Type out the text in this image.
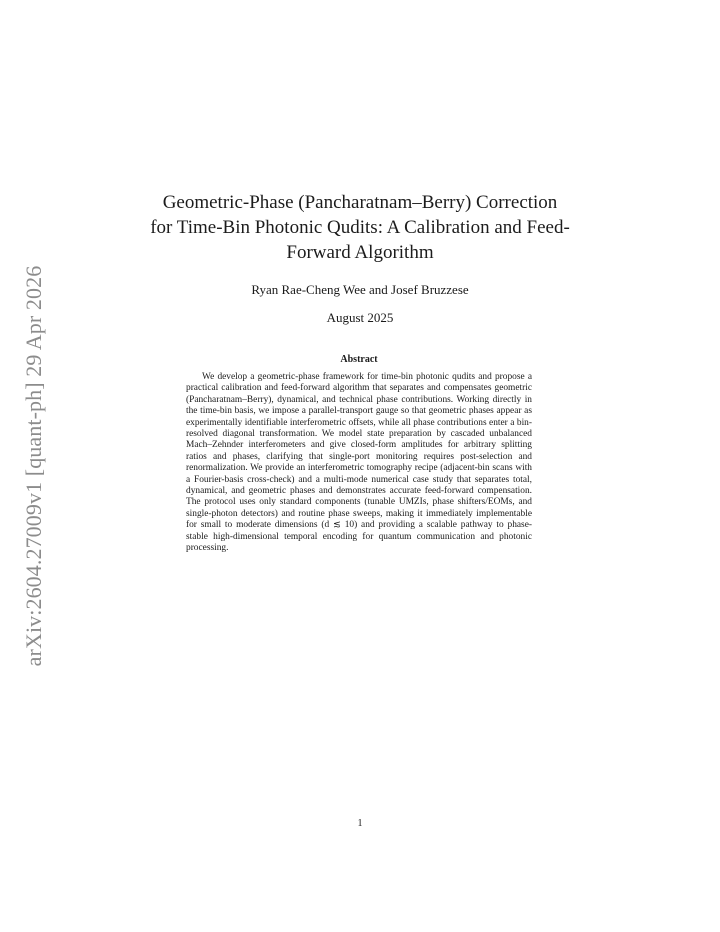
arXiv:2604.27009v1 [quant-ph] 29 Apr 2026
Geometric-Phase (Pancharatnam–Berry) Correction for Time-Bin Photonic Qudits: A Calibration and Feed-Forward Algorithm
Ryan Rae-Cheng Wee and Josef Bruzzese
August 2025
Abstract

We develop a geometric-phase framework for time-bin photonic qudits and propose a practical calibration and feed-forward algorithm that separates and compensates geometric (Pancharatnam–Berry), dynamical, and technical phase contributions. Working directly in the time-bin basis, we impose a parallel-transport gauge so that geometric phases appear as experimentally identifiable interferometric offsets, while all phase contributions enter a bin-resolved diagonal transformation. We model state preparation by cascaded unbalanced Mach–Zehnder interferometers and give closed-form amplitudes for arbitrary splitting ratios and phases, clarifying that single-port monitoring requires post-selection and renormalization. We provide an interferometric tomography recipe (adjacent-bin scans with a Fourier-basis cross-check) and a multi-mode numerical case study that separates total, dynamical, and geometric phases and demonstrates accurate feed-forward compensation. The protocol uses only standard components (tunable UMZIs, phase shifters/EOMs, and single-photon detectors) and routine phase sweeps, making it immediately implementable for small to moderate dimensions (d ≲ 10) and providing a scalable pathway to phase-stable high-dimensional temporal encoding for quantum communication and photonic processing.

1
